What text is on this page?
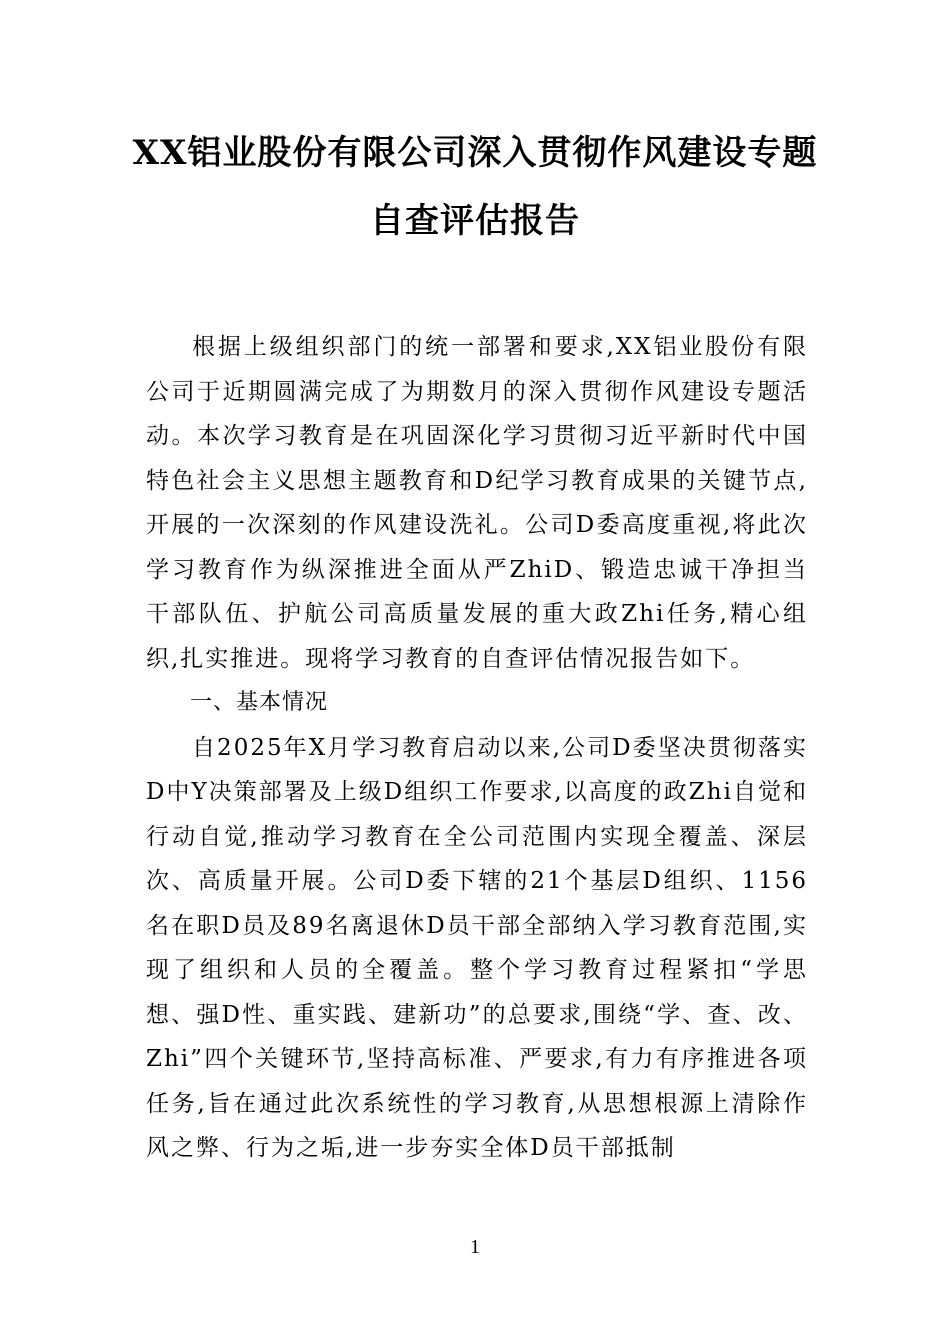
XX铝业股份有限公司深入贯彻作风建设专题自查评估报告

根据上级组织部门的统一部署和要求,XX铝业股份有限公司于近期圆满完成了为期数月的深入贯彻作风建设专题活动。本次学习教育是在巩固深化学习贯彻习近平新时代中国特色社会主义思想主题教育和D纪学习教育成果的关键节点,开展的一次深刻的作风建设洗礼。公司D委高度重视,将此次学习教育作为纵深推进全面从严ZhiD、锻造忠诚干净担当干部队伍、护航公司高质量发展的重大政Zhi任务,精心组织,扎实推进。现将学习教育的自查评估情况报告如下。

一、基本情况

自2025年X月学习教育启动以来,公司D委坚决贯彻落实D中Y决策部署及上级D组织工作要求,以高度的政Zhi自觉和行动自觉,推动学习教育在全公司范围内实现全覆盖、深层次、高质量开展。公司D委下辖的21个基层D组织、1156名在职D员及89名离退休D员干部全部纳入学习教育范围,实现了组织和人员的全覆盖。整个学习教育过程紧扣“学思想、强D性、重实践、建新功”的总要求,围绕“学、查、改、Zhi”四个关键环节,坚持高标准、严要求,有力有序推进各项任务,旨在通过此次系统性的学习教育,从思想根源上清除作风之弊、行为之垢,进一步夯实全体D员干部抵制

1
